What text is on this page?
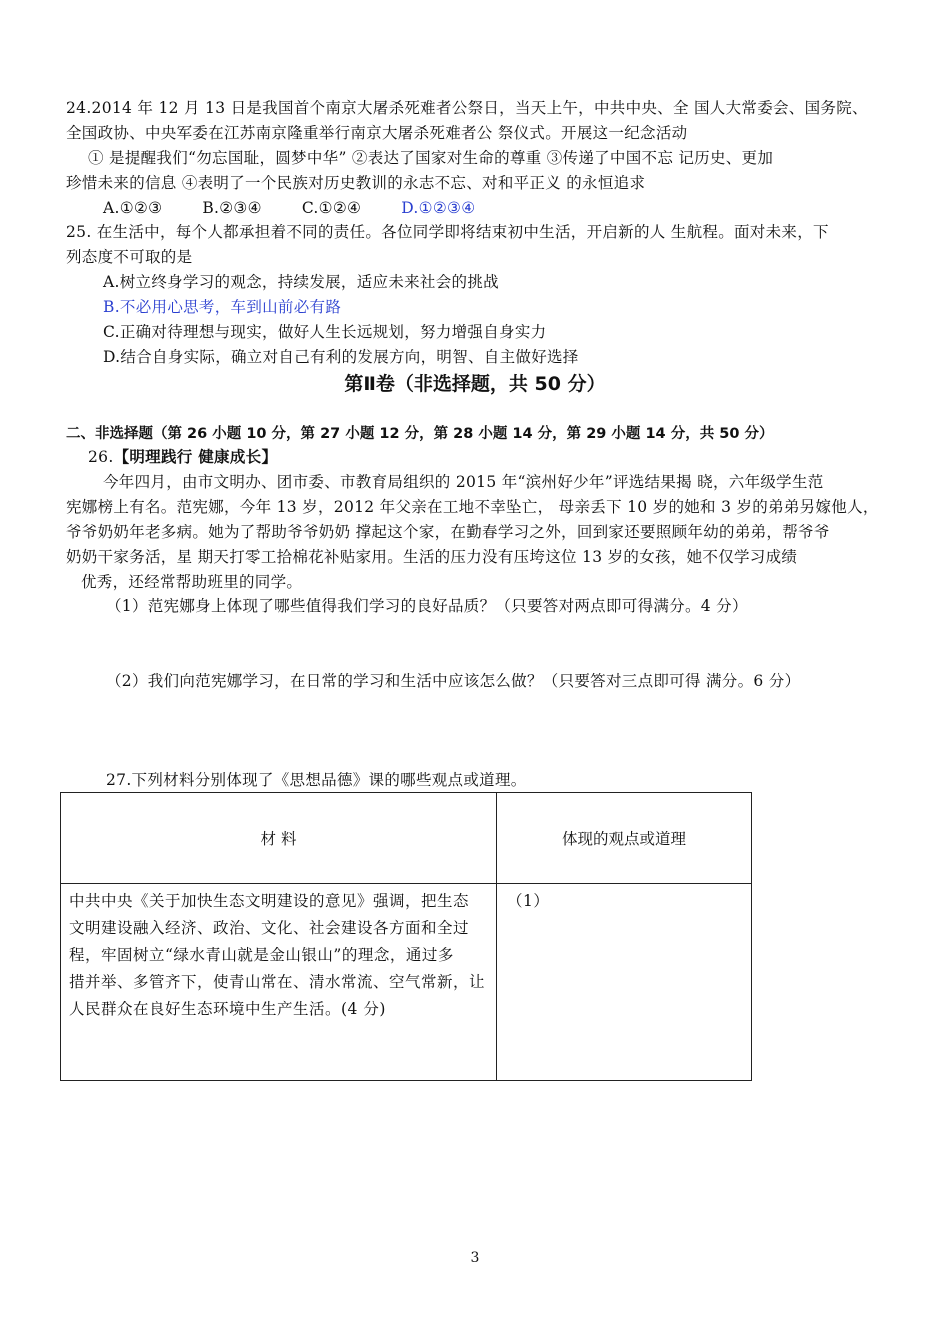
24.2014 年 12 月 13 日是我国首个南京大屠杀死难者公祭日，当天上午，中共中央、全 国人大常委会、国务院、
全国政协、中央军委在江苏南京隆重举行南京大屠杀死难者公 祭仪式。开展这一纪念活动
① 是提醒我们“勿忘国耻，圆梦中华” ②表达了国家对生命的尊重 ③传递了中国不忘 记历史、更加
珍惜未来的信息 ④表明了一个民族对历史教训的永志不忘、对和平正义 的永恒追求
A.①②③	B.②③④	C.①②④	D.①②③④
25. 在生活中，每个人都承担着不同的责任。各位同学即将结束初中生活，开启新的人 生航程。面对未来，下
列态度不可取的是
A.树立终身学习的观念，持续发展，适应未来社会的挑战
B.不必用心思考，车到山前必有路
C.正确对待理想与现实，做好人生长远规划，努力增强自身实力
D.结合自身实际，确立对自己有利的发展方向，明智、自主做好选择
第Ⅱ卷（非选择题，共 50 分）
二、非选择题（第 26 小题 10 分，第 27 小题 12 分，第 28 小题 14 分，第 29 小题 14 分，共 50 分）
26.【明理践行 健康成长】
今年四月，由市文明办、团市委、市教育局组织的 2015 年“滨州好少年”评选结果揭 晓，六年级学生范
宪娜榜上有名。范宪娜，今年 13 岁，2012 年父亲在工地不幸坠亡， 母亲丢下 10 岁的她和 3 岁的弟弟另嫁他人，
爷爷奶奶年老多病。她为了帮助爷爷奶奶 撑起这个家，在勤春学习之外，回到家还要照顾年幼的弟弟，帮爷爷
奶奶干家务活，星 期天打零工拾棉花补贴家用。生活的压力没有压垮这位 13 岁的女孩，她不仅学习成绩
优秀，还经常帮助班里的同学。
（1）范宪娜身上体现了哪些值得我们学习的良好品质？（只要答对两点即可得满分。4 分）
（2）我们向范宪娜学习，在日常的学习和生活中应该怎么做？（只要答对三点即可得 满分。6 分）
27.下列材料分别体现了《思想品德》课的哪些观点或道理。
材 料	体现的观点或道理

中共中央《关于加快生态文明建设的意见》强调，把生态
文明建设融入经济、政治、文化、社会建设各方面和全过
程，牢固树立“绿水青山就是金山银山”的理念，通过多
措并举、多管齐下，使青山常在、清水常流、空气常新，让
人民群众在良好生态环境中生产生活。(4 分)	（1）
3
